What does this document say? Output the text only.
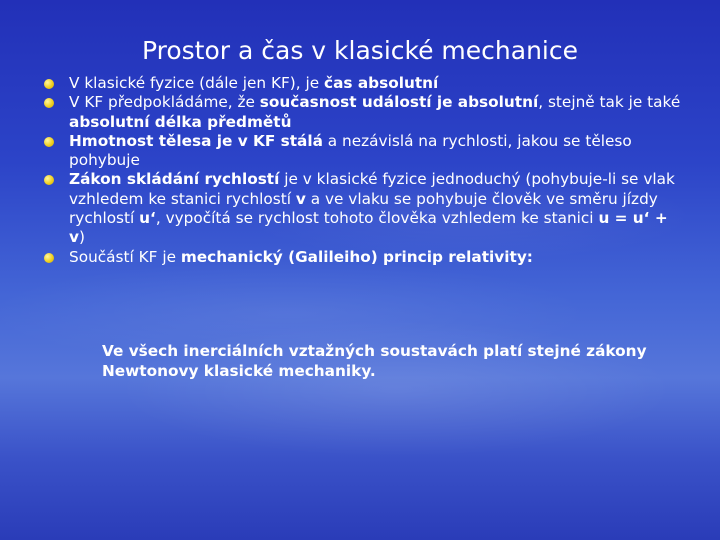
Prostor a čas v klasické mechanice
V klasické fyzice (dále jen KF), je čas absolutní
V KF předpokládáme, že současnost událostí je absolutní, stejně tak je také absolutní délka předmětů
Hmotnost tělesa je v KF stálá a nezávislá na rychlosti, jakou se těleso pohybuje
Zákon skládání rychlostí je v klasické fyzice jednoduchý (pohybuje-li se vlak vzhledem ke stanici rychlostí v a ve vlaku se pohybuje člověk ve směru jízdy rychlostí u‘, vypočítá se rychlost tohoto člověka vzhledem ke stanici u = u‘ + v)
Součástí KF je mechanický (Galileiho) princip relativity:
Ve všech inerciálních vztažných soustavách platí stejné zákony Newtonovy klasické mechaniky.
